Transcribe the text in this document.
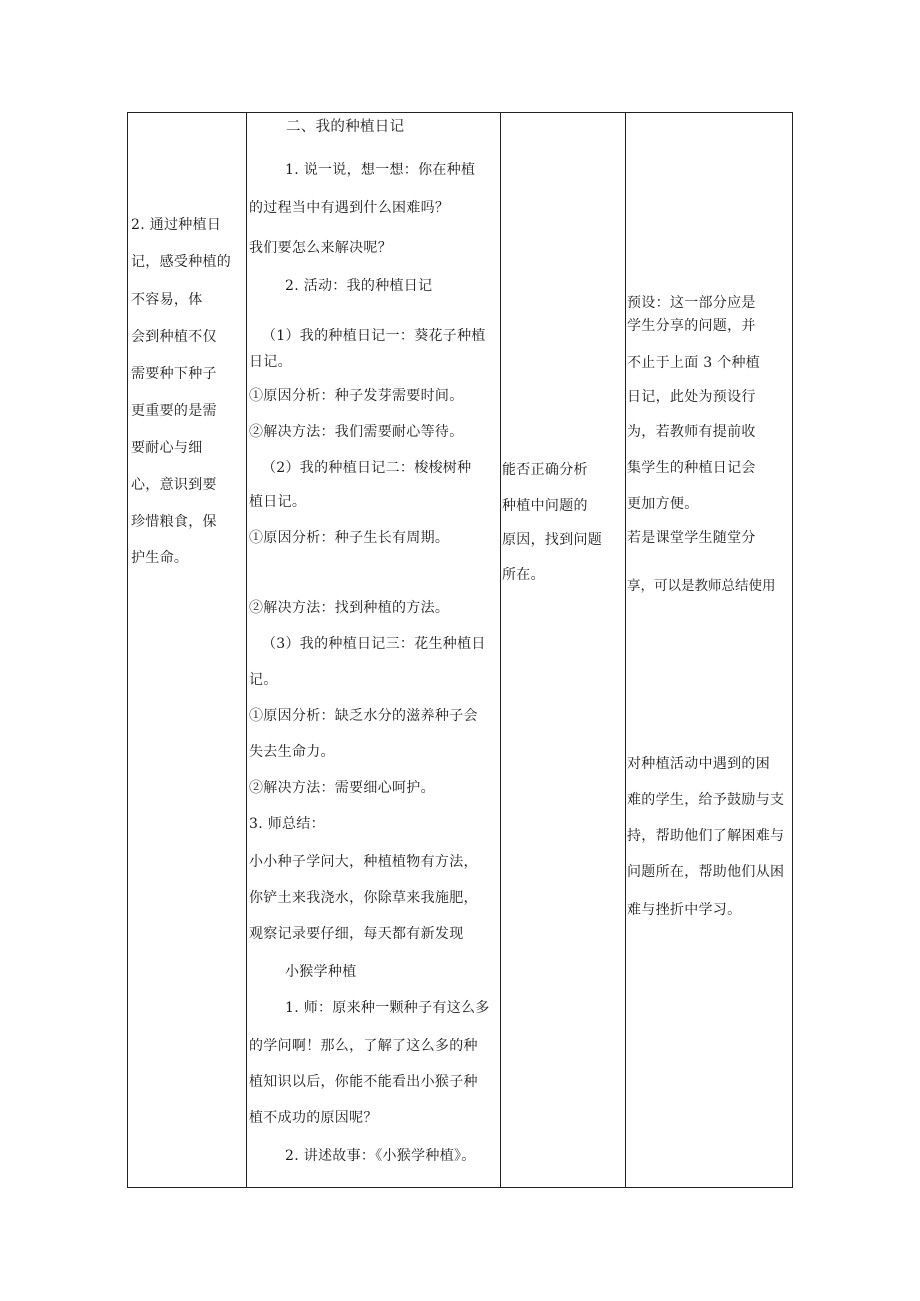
2. 通过种植日
记，感受种植的
不容易，体
会到种植不仅
需要种下种子
更重要的是需
要耐心与细
心，意识到要
珍惜粮食，保
护生命。
二、我的种植日记
1. 说一说，想一想：你在种植
的过程当中有遇到什么困难吗？
我们要怎么来解决呢？
2. 活动：我的种植日记
（1）我的种植日记一：葵花子种植
日记。
①原因分析：种子发芽需要时间。
②解决方法：我们需要耐心等待。
（2）我的种植日记二：梭梭树种
植日记。
①原因分析：种子生长有周期。
②解决方法：找到种植的方法。
（3）我的种植日记三：花生种植日
记。
①原因分析：缺乏水分的滋养种子会
失去生命力。
②解决方法：需要细心呵护。
3. 师总结：
小小种子学问大，种植植物有方法，
你铲土来我浇水，你除草来我施肥，
观察记录要仔细，每天都有新发现
小猴学种植
1. 师：原来种一颗种子有这么多
的学问啊！那么，了解了这么多的种
植知识以后，你能不能看出小猴子种
植不成功的原因呢？
2. 讲述故事：《小猴学种植》。
能否正确分析
种植中问题的
原因，找到问题
所在。
预设：这一部分应是
学生分享的问题，并
不止于上面 3 个种植
日记，此处为预设行
为，若教师有提前收
集学生的种植日记会
更加方便。
若是课堂学生随堂分
享，可以是教师总结使用
对种植活动中遇到的困
难的学生，给予鼓励与支
持，帮助他们了解困难与
问题所在，帮助他们从困
难与挫折中学习。
